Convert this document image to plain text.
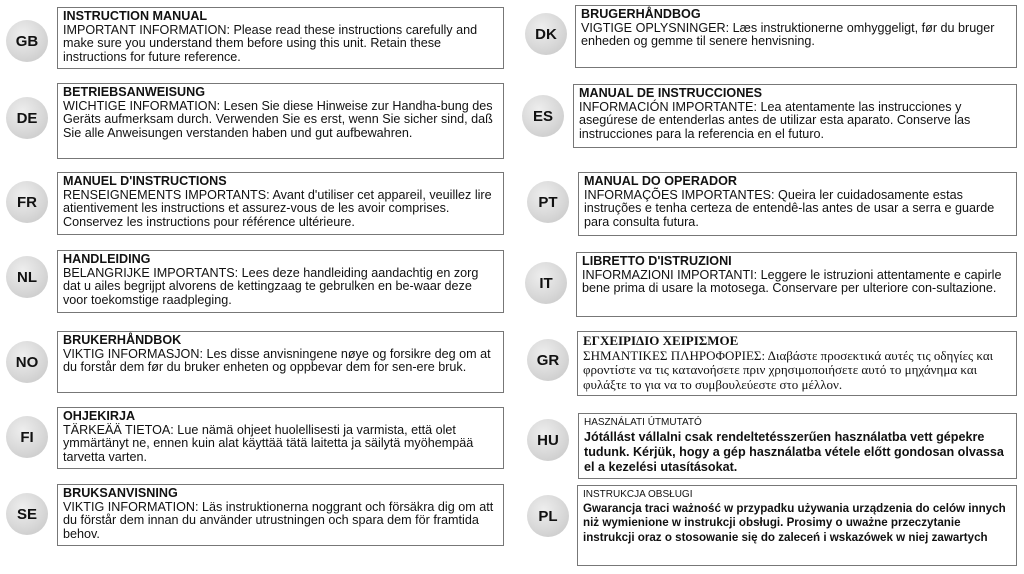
GB
INSTRUCTION MANUAL
IMPORTANT INFORMATION: Please read these instructions carefully and make sure you understand them before using this unit. Retain these instructions for future reference.
DE
BETRIEBSANWEISUNG
WICHTIGE INFORMATION: Lesen Sie diese Hinweise zur Handha-bung des Geräts aufmerksam durch. Verwenden Sie es erst, wenn Sie sicher sind, daß Sie alle Anweisungen verstanden haben und gut aufbewahren.
FR
MANUEL D'INSTRUCTIONS
RENSEIGNEMENTS IMPORTANTS: Avant d'utiliser cet appareil, veuillez lire atientivement les instructions et assurez-vous de les avoir comprises. Conservez les instructions pour référence ultérieure.
NL
HANDLEIDING
BELANGRIJKE IMPORTANTS: Lees deze handleiding aandachtig en zorg dat u ailes begrijpt alvorens de kettingzaag te gebrulken en be-waar deze voor toekomstige raadpleging.
NO
BRUKERHÅNDBOK
VIKTIG INFORMASJON: Les disse anvisningene nøye og forsikre deg om at du forstår dem før du bruker enheten og oppbevar dem for sen-ere bruk.
FI
OHJEKIRJA
TÄRKEÄÄ TIETOA: Lue nämä ohjeet huolellisesti ja varmista, että olet ymmärtänyt ne, ennen kuin alat käyttää tätä laitetta ja säilytä myöhempää tarvetta varten.
SE
BRUKSANVISNING
VIKTIG INFORMATION: Läs instruktionerna noggrant och försäkra dig om att du förstår dem innan du använder utrustningen och spara dem för framtida behov.
DK
BRUGERHÅNDBOG
VIGTIGE OPLYSNINGER: Læs instruktionerne omhyggeligt, før du bruger enheden og gemme til senere henvisning.
ES
MANUAL DE INSTRUCCIONES
INFORMACIÓN IMPORTANTE: Lea atentamente las instrucciones y asegúrese de entenderlas antes de utilizar esta aparato. Conserve las instrucciones para la referencia en el futuro.
PT
MANUAL DO OPERADOR
INFORMAÇÕES IMPORTANTES: Queira ler cuidadosamente estas instruções e tenha certeza de entendê-las antes de usar a serra e guarde para consulta futura.
IT
LIBRETTO D'ISTRUZIONI
INFORMAZIONI IMPORTANTI: Leggere le istruzioni attentamente e capirle bene prima di usare la motosega. Conservare per ulteriore con-sultazione.
GR
ΕΓΧΕΙΡΙΔΙΟ ΧΕΙΡΙΣΜΟΕ
ΣΗΜΑΝΤΙΚΕΣ ΠΛΗΡΟΦΟΡΙΕΣ: Διαβάστε προσεκτικά αυτές τις οδηγίες και φροντίστε να τις κατανοήσετε πριν χρησιμοποιήσετε αυτό το μηχάνημα και φυλάξτε το για να το συμβουλεύεστε στο μέλλον.
HU
HASZNÁLATI ÚTMUTATÓ
Jótállást vállalni csak rendeltetésszerűen használatba vett gépekre tudunk. Kérjük, hogy a gép használatba vétele előtt gondosan olvassa el a kezelési utasításokat.
PL
INSTRUKCJA OBSŁUGI
Gwarancja traci ważność w przypadku używania urządzenia do celów innych niż wymienione w instrukcji obsługi. Prosimy o uważne przeczytanie instrukcji oraz o stosowanie się do zaleceń i wskazówek w niej zawartych
